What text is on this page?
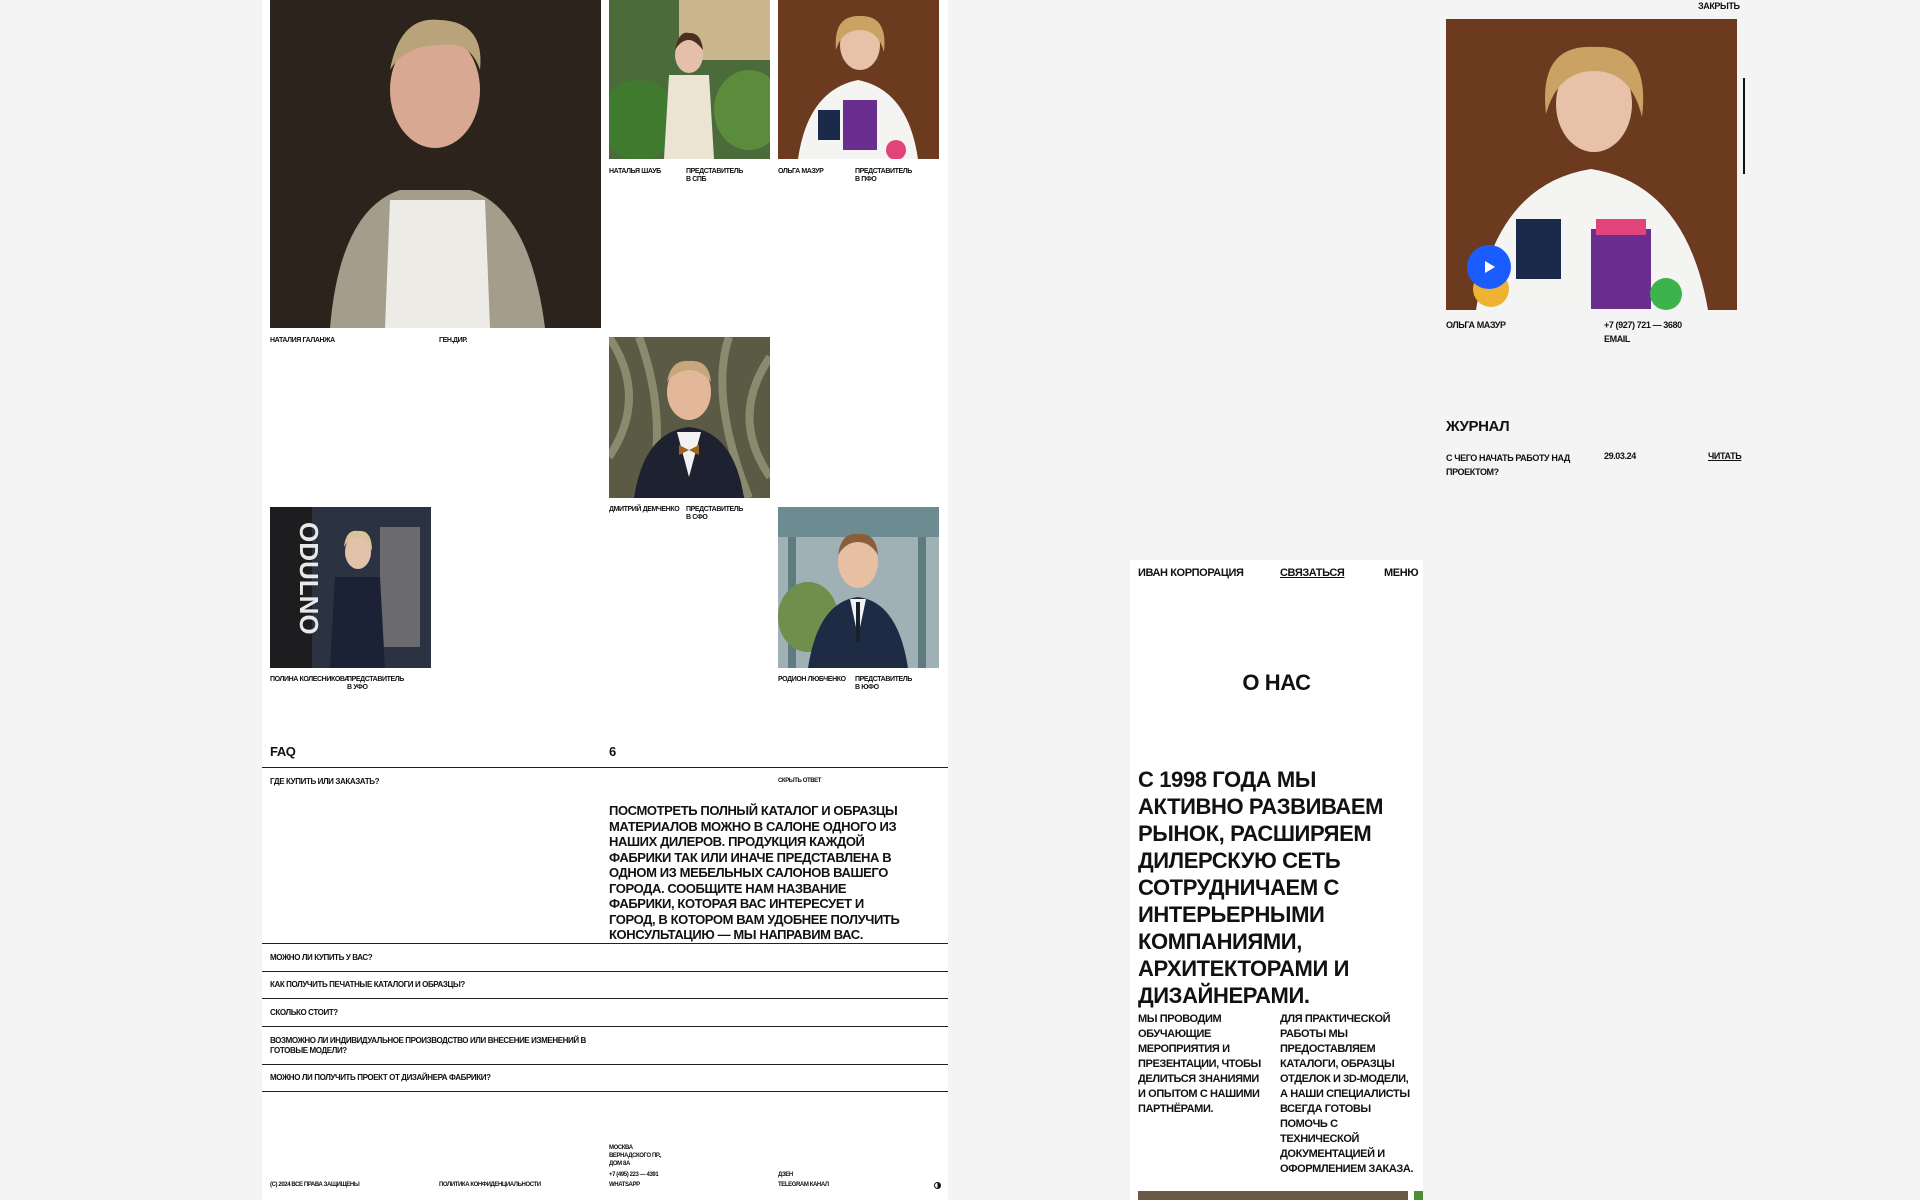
НАТАЛИЯ ГАЛАНЖА	ГЕН.ДИР.
НАТАЛЬЯ ШАУБ	ПРЕДСТАВИТЕЛЬ В СПБ
ОЛЬГА МАЗУР	ПРЕДСТАВИТЕЛЬ В ПФО
ДМИТРИЙ ДЕМЧЕНКО ПРЕДСТАВИТЕЛЬ В СФО
ODULNO
ПОЛИНА КОЛЕСНИКОВА
ПРЕДСТАВИТЕЛЬ В УФО
РОДИОН ЛЮБЧЕНКО ПРЕДСТАВИТЕЛЬ В ЮФО
FAQ	6
ГДЕ КУПИТЬ ИЛИ ЗАКАЗАТЬ?	СКРЫТЬ ОТВЕТ
ПОСМОТРЕТЬ ПОЛНЫЙ КАТАЛОГ И ОБРАЗЦЫ МАТЕРИАЛОВ МОЖНО В САЛОНЕ ОДНОГО ИЗ НАШИХ ДИЛЕРОВ. ПРОДУКЦИЯ КАЖДОЙ ФАБРИКИ ТАК ИЛИ ИНАЧЕ ПРЕДСТАВЛЕНА В ОДНОМ ИЗ МЕБЕЛЬНЫХ САЛОНОВ ВАШЕГО ГОРОДА. СООБЩИТЕ НАМ НАЗВАНИЕ ФАБРИКИ, КОТОРАЯ ВАС ИНТЕРЕСУЕТ И ГОРОД, В КОТОРОМ ВАМ УДОБНЕЕ ПОЛУЧИТЬ КОНСУЛЬТАЦИЮ — МЫ НАПРАВИМ ВАС.
МОЖНО ЛИ КУПИТЬ У ВАС?
КАК ПОЛУЧИТЬ ПЕЧАТНЫЕ КАТАЛОГИ И ОБРАЗЦЫ?
СКОЛЬКО СТОИТ?
ВОЗМОЖНО ЛИ ИНДИВИДУАЛЬНОЕ ПРОИЗВОДСТВО ИЛИ ВНЕСЕНИЕ ИЗМЕНЕНИЙ В ГОТОВЫЕ МОДЕЛИ?
МОЖНО ЛИ ПОЛУЧИТЬ ПРОЕКТ ОТ ДИЗАЙНЕРА ФАБРИКИ?
(С) 2024 ВСЕ ПРАВА ЗАЩИЩЕНЫ	ПОЛИТИКА КОНФИДЕНЦИАЛЬНОСТИ
МОСКВА
ВЕРНАДСКОГО ПР.,
ДОМ 8А
+7 (495) 223 — 4391
WHATSAPP
ДЗЕН
TELEGRAM КАНАЛ
ЗАКРЫТЬ
ОЛЬГА МАЗУР	+7 (927) 721 — 3680
EMAIL
ЖУРНАЛ
С ЧЕГО НАЧАТЬ РАБОТУ НАД ПРОЕКТОМ?
29.03.24	ЧИТАТЬ
ИВАН КОРПОРАЦИЯ	СВЯЗАТЬСЯ	МЕНЮ
О НАС
С 1998 ГОДА МЫ АКТИВНО РАЗВИВАЕМ РЫНОК, РАСШИРЯЕМ ДИЛЕРСКУЮ СЕТЬ СОТРУДНИЧАЕМ С ИНТЕРЬЕРНЫМИ КОМПАНИЯМИ, АРХИТЕКТОРАМИ И ДИЗАЙНЕРАМИ.
МЫ ПРОВОДИМ ОБУЧАЮЩИЕ МЕРОПРИЯТИЯ И ПРЕЗЕНТАЦИИ, ЧТОБЫ ДЕЛИТЬСЯ ЗНАНИЯМИ И ОПЫТОМ С НАШИМИ ПАРТНЁРАМИ.
ДЛЯ ПРАКТИЧЕСКОЙ РАБОТЫ МЫ ПРЕДОСТАВЛЯЕМ КАТАЛОГИ, ОБРАЗЦЫ ОТДЕЛОК И 3D-МОДЕЛИ, А НАШИ СПЕЦИАЛИСТЫ ВСЕГДА ГОТОВЫ ПОМОЧЬ С ТЕХНИЧЕСКОЙ ДОКУМЕНТАЦИЕЙ И ОФОРМЛЕНИЕМ ЗАКАЗА.
